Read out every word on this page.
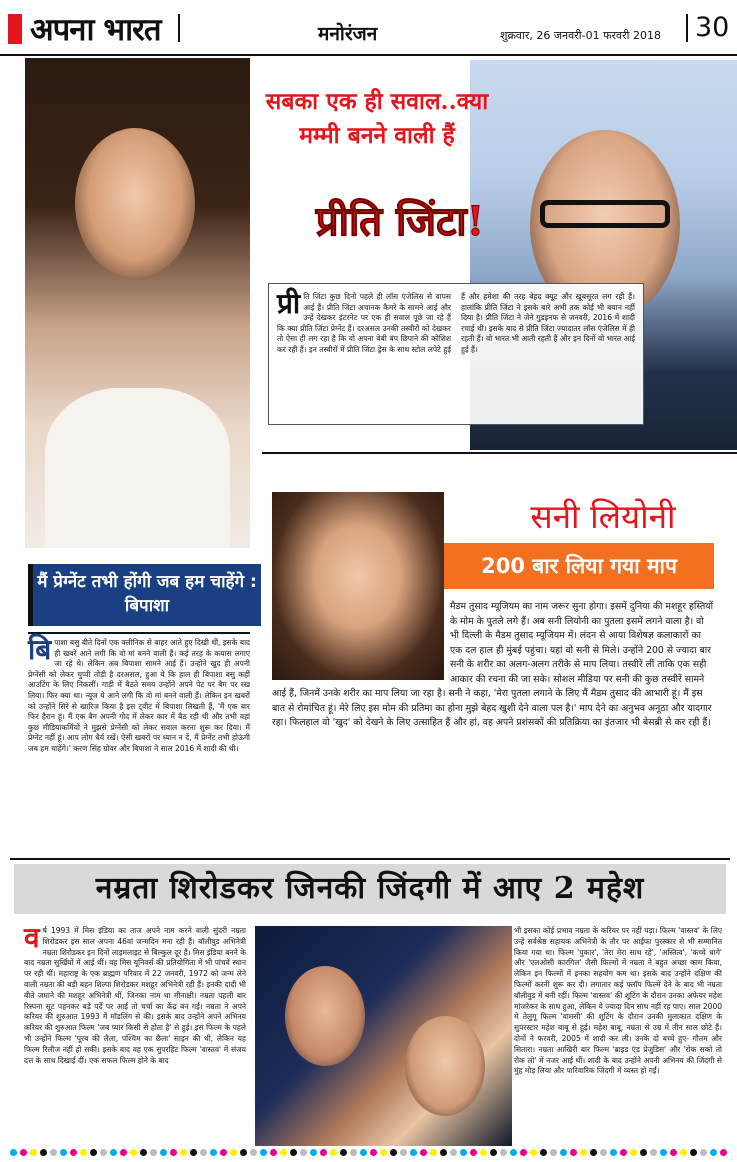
अपना भारत	मनोरंजन	शुक्रवार, 26 जनवरी-01 फरवरी 2018 30
सबका एक ही सवाल..क्या मम्मी बनने वाली हैं
प्रीति जिंटा!
प्री ति जिंटा कुछ दिनों पहले ही लॉस एंजेलिस से वापस आई हैं। प्रीति जिंटा अचानक कैमरे के सामने आई और उन्हें देखकर इंटरनेट पर एक ही सवाल पूछे जा रहे हैं कि क्या प्रीति जिंटा प्रेग्नेंट हैं। दरअसल उनकी तस्वीरों को देखकर तो ऐसा ही लग रहा है कि वो अपना बेबी बंप छिपाने की कोशिश कर रही हैं। इन तस्वीरों में प्रीति जिंटा ड्रेस के साथ स्टोल लपेटे हुई हैं और हमेशा की तरह बेहद क्यूट और खूबसूरत लग रही हैं। हालांकि प्रीति जिंटा ने इसके बारे अभी तक कोई भी बयान नहीं दिया है। प्रीति जिंटा ने जेने गुडइनफ से जनवरी, 2016 में शादी रचाई थी। इसके बाद से प्रीति जिंटा ज्यादातर लॉस एंजेलिस में ही रहती हैं। वो भारत भी आती रहती हैं और इन दिनों वो भारत आई हुई हैं।
मैं प्रेग्नेंट तभी होंगी जब हम चाहेंगे : बिपाशा
बि पाशा बसु बीते दिनों एक क्लीनिक से बाहर आते हुए दिखी थीं, इसके बाद ही खबरें आने लगी कि वो मां बनने वाली हैं। कई तरह के कयास लगाए जा रहे थे। लेकिन अब बिपाशा सामने आई हैं। उन्होंने खुद ही अपनी प्रेग्नेंसी को लेकर चुप्पी तोड़ी है दरअसल, हुआ ये कि हाल ही बिपाशा बसु कहीं आउटिंग के लिए निकलीं। गाड़ी में बैठते समय उन्होंने अपने पेट पर बैग पर रख लिया। फिर क्या था। न्यूज ये आने लगी कि वो मां बनने वाली हैं। लेकिन इन खबरों को उन्होंने सिरे से खारिज किया है इस ट्वीट में बिपाशा लिखती हैं, 'मैं एक बार फिर हैरान हूं। मैं एक बैग अपनी गोद में लेकर कार में बैठ रही थी और तभी वहां कुछ मीडियाकर्मियों ने मुझसे प्रेग्नेंसी को लेकर सवाल करना शुरू कर दिया। मैं प्रेग्नेंट नहीं हूं। आप लोग धैर्य रखें। ऐसी खबरों पर ध्यान न दें, मैं प्रेग्नेंट तभी होऊंगी जब हम चाहेंगे।' करण सिंह ग्रोवर और बिपाशा ने साल 2016 में शादी की थी।
सनी लियोनी
200 बार लिया गया माप
मैडम तुसाद म्यूजियम का नाम जरूर सुना होगा। इसमें दुनिया की मशहूर हस्तियों के मोम के पुतले लगे हैं। अब सनी लियोनी का पुतला इसमें लगने वाला है। वो भी दिल्ली के मैडम तुसाद म्यूजियम में। लंदन से आया विशेषज्ञ कलाकारों का एक दल हाल ही मुंबई पहुंचा। यहां वो सनी से मिले। उन्होंने 200 से ज्यादा बार सनी के शरीर का अलग-अलग तरीके से माप लिया। तस्वीरें लीं ताकि एक सही आकार की रचना की जा सके। सोशल मीडिया पर सनी की कुछ तस्वीरें सामने आई हैं, जिनमें उनके शरीर का माप लिया जा रहा है। सनी ने कहा, 'मेरा पुतला लगाने के लिए मैं मैडम तुसाद की आभारी हूं। मैं इस बात से रोमांचित हूं। मेरे लिए इस मोम की प्रतिमा का होना मुझे बेहद खुशी देने वाला पल है।' माप देने का अनुभव अनूठा और यादगार रहा। फिलहाल वो 'खुद' को देखने के लिए उत्साहित हैं और हां, वह अपने प्रशंसकों की प्रतिक्रिया का इंतजार भी बेसब्री से कर रही हैं।
नम्रता शिरोडकर जिनकी जिंदगी में आए 2 महेश
व र्ष 1993 में मिस इंडिया का ताज अपने नाम करने वाली सुंदरी नम्रता शिरोडकर इस साल अपना 46वां जन्मदिन मना रही हैं। बॉलीवुड अभिनेत्री नम्रता शिरोडकर इन दिनों लाइमलाइट से बिल्कुल दूर हैं। मिस इंडिया बनने के बाद नम्रता सुर्खियों में आई थीं। वह मिस यूनिवर्स की प्रतियोगिता में भी पांचवें स्थान पर रही थीं। महाराष्ट्र के एक ब्राह्मण परिवार में 22 जनवरी, 1972 को जन्म लेने वाली नम्रता की बड़ी बहन शिल्पा शिरोडकर मशहूर अभिनेत्री रही हैं। इनकी दादी भी बीते जमाने की मशहूर अभिनेत्री थीं, जिनका नाम था मीनाक्षी। नम्रता पहली बार रिस्पना सूट पहनकर बड़े पर्दे पर आई तो चर्चा का केंद्र बन गईं। नम्रता ने अपने करियर की शुरुआत 1993 में मॉडलिंग से की। इसके बाद उन्होंने अपने अभिनय करियर की शुरुआत फिल्म 'जब प्यार किसी से होता है' से हुई। इस फिल्म के पहले भी उन्होंने फिल्म 'पूरब की लैला, पश्चिम का छैला' साइन की थी, लेकिन यह फिल्म रिलीज नहीं हो सकी। इसके बाद वह एक सुपरहिट फिल्म 'वास्तव' में संजय दत्त के साथ दिखाई दीं। एक सफल फिल्म होने के बाद
भी इसका कोई प्रभाव नम्रता के करियर पर नहीं पड़ा। फिल्म 'वास्तव' के लिए उन्हें सर्वश्रेष्ठ सहायक अभिनेत्री के तौर पर आईफा पुरस्कार से भी सम्मानित किया गया था। फिल्म 'पुकार', 'तेरा मेरा साथ रहे', 'अस्तित्व', 'कच्चे धागे' और 'एलओसी कारगिल' जैसी फिल्मों में नम्रता ने बहुत अच्छा काम किया, लेकिन इन फिल्मों में इनका सहयोग कम था। इसके बाद उन्होंने दक्षिण की फिल्मों करनी शुरू कर दी। लगातार कई फ्लॉप फिल्में देने के बाद भी नम्रता बॉलीवुड में बनी रहीं। फिल्म 'वास्तव' की शूटिंग के दौरान उनका अफेयर महेश मांजरेकर के साथ हुआ, लेकिन ये ज्यादा दिन साथ नहीं रह पाए। साल 2000 में तेलुगू फिल्म 'वामसी' की शूटिंग के दौरान उनकी मुलाकात दक्षिण के सुपरस्टार महेश बाबू से हुई। महेश बाबू, नम्रता से उम्र में तीन साल छोटे हैं। दोनों ने फरवरी, 2005 में शादी कर ली। उनके दो बच्चे हुए- गौतम और सितारा। नम्रता आखिरी बार फिल्म 'ब्राइड एंड प्रेजुडिस' और 'रोक सको तो रोक लो' में नजर आई थीं। शादी के बाद उन्होंने अपनी अभिनय की जिंदगी से मुंह मोड़ लिया और पारिवारिक जिंदगी में व्यस्त हो गईं।
